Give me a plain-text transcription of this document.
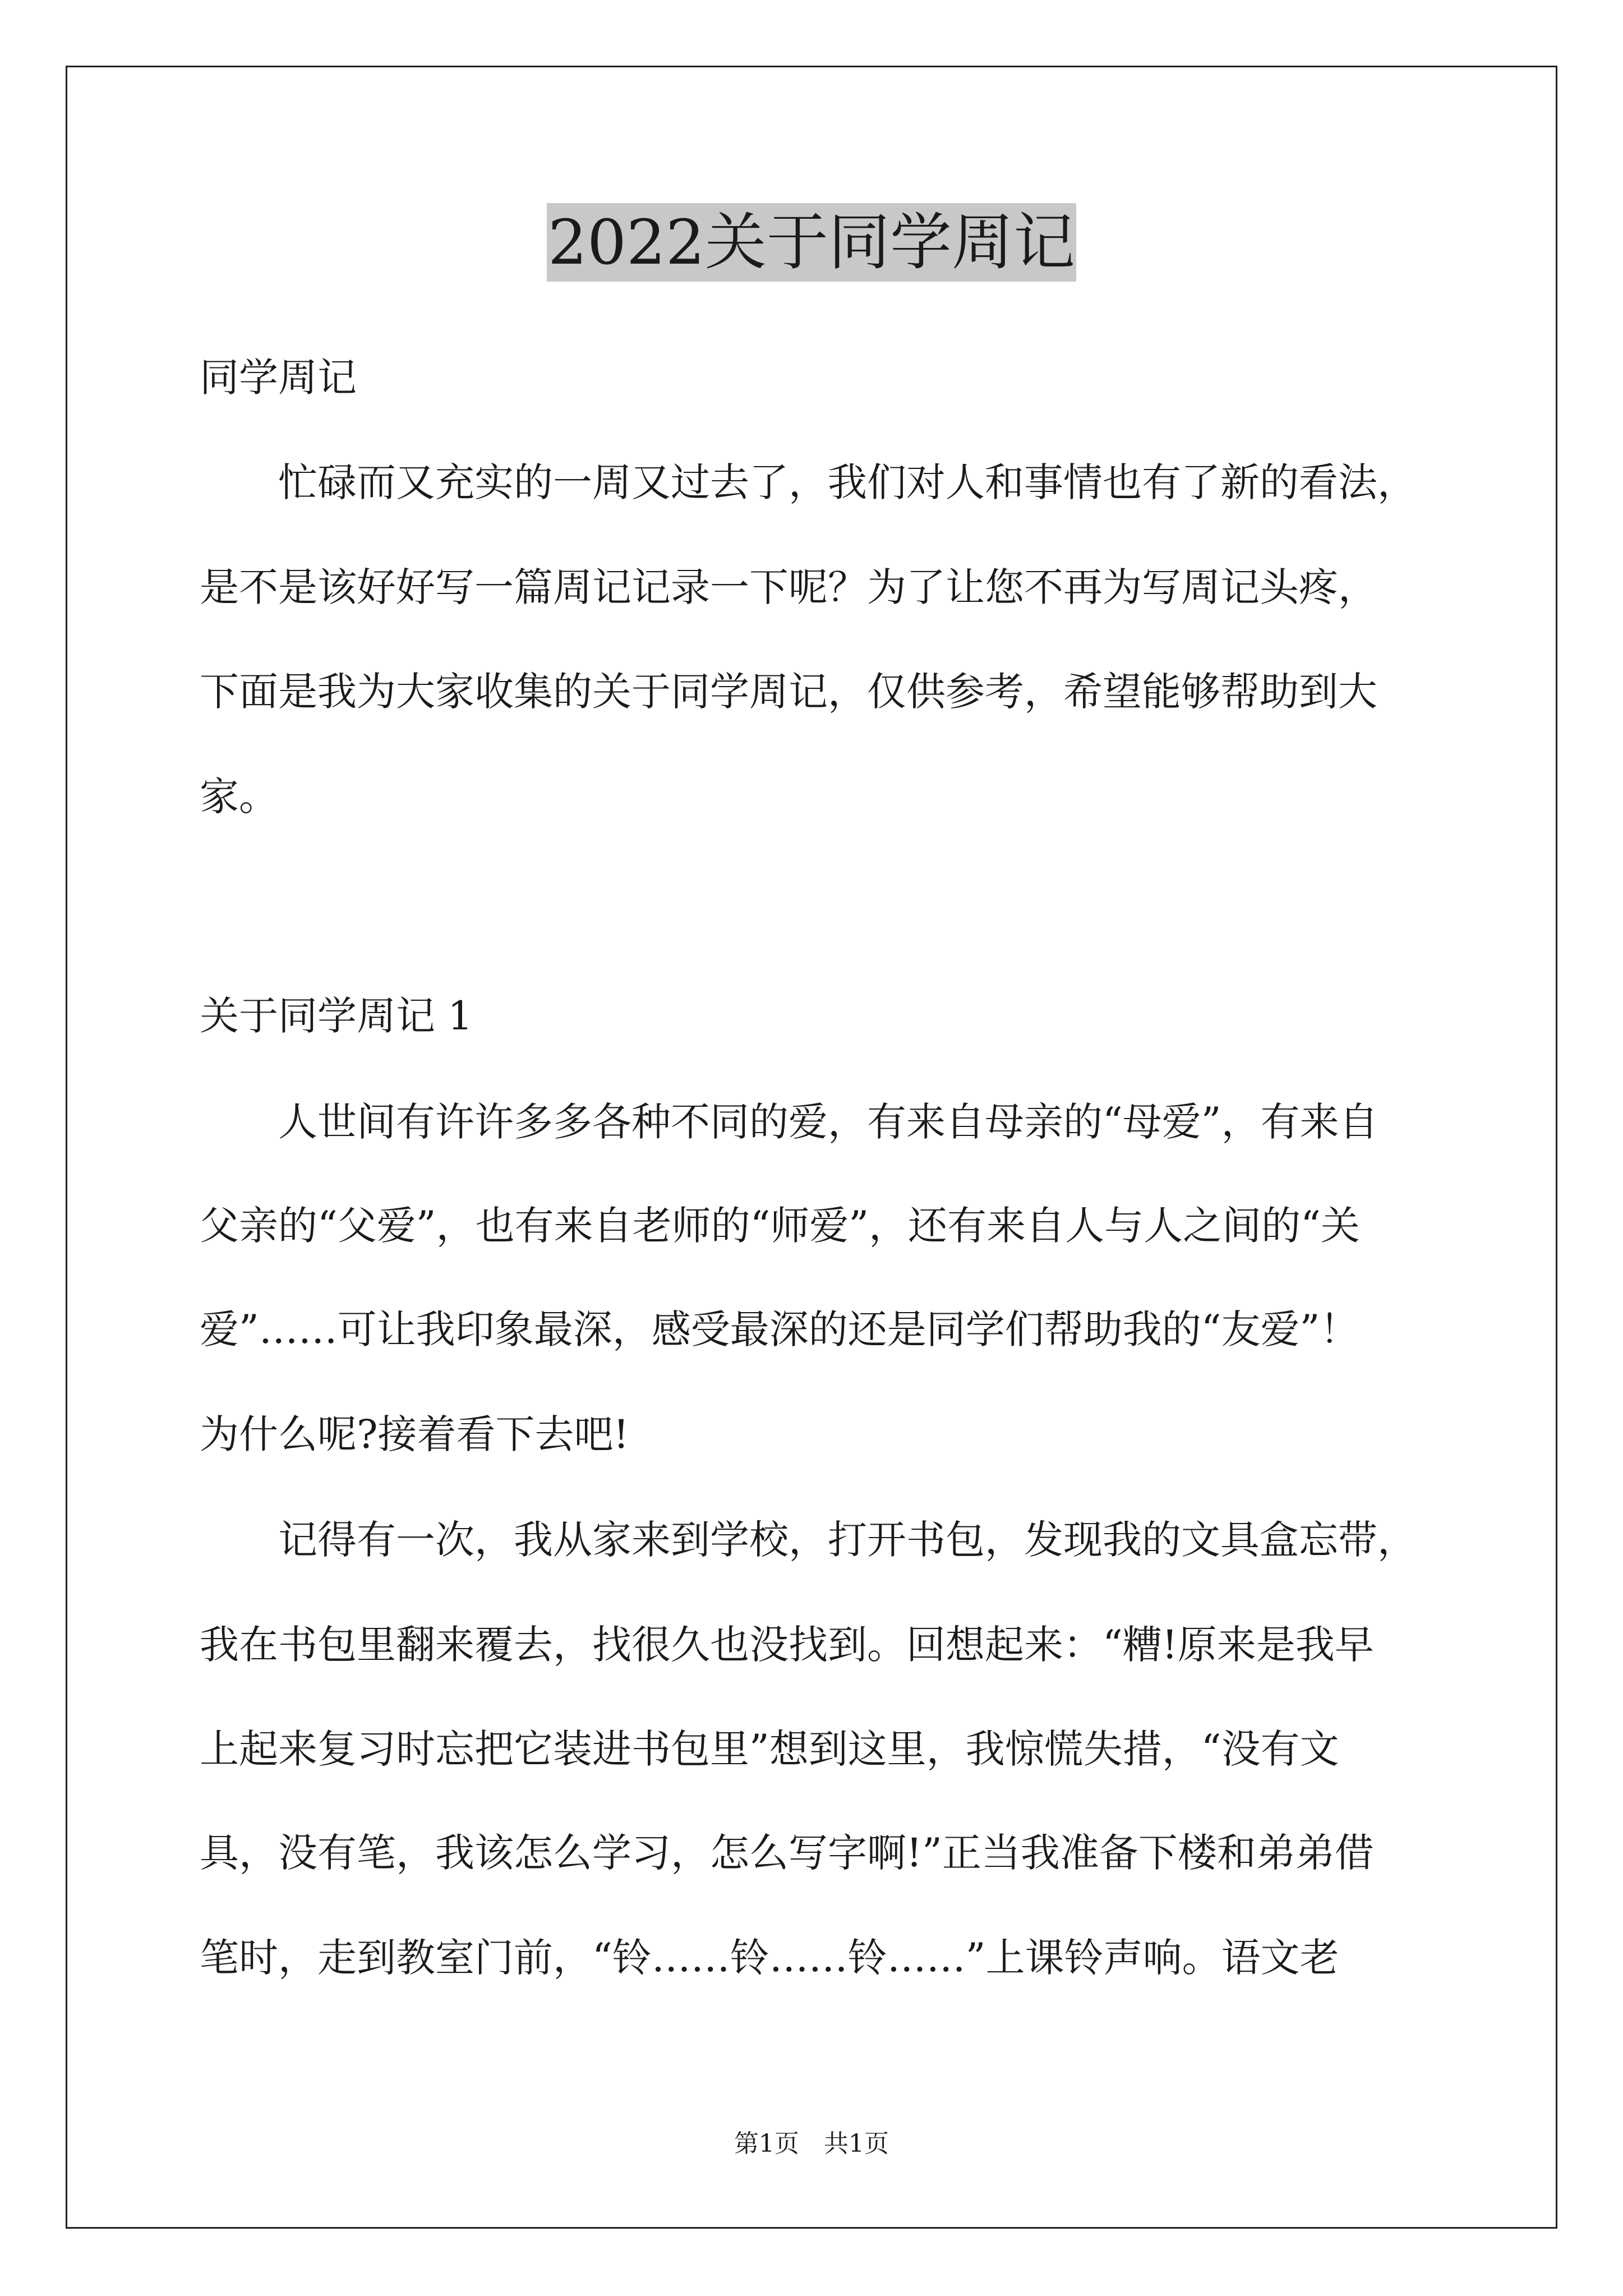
2022关于同学周记
同学周记
忙碌而又充实的一周又过去了，我们对人和事情也有了新的看法，
是不是该好好写一篇周记记录一下呢？为了让您不再为写周记头疼，
下面是我为大家收集的关于同学周记，仅供参考，希望能够帮助到大
家。
关于同学周记 1
人世间有许许多多各种不同的爱，有来自母亲的“母爱”，有来自
父亲的“父爱”，也有来自老师的“师爱”，还有来自人与人之间的“关
爱”……可让我印象最深，感受最深的还是同学们帮助我的“友爱”！
为什么呢?接着看下去吧!
记得有一次，我从家来到学校，打开书包，发现我的文具盒忘带，
我在书包里翻来覆去，找很久也没找到。回想起来：“糟!原来是我早
上起来复习时忘把它装进书包里”想到这里，我惊慌失措，“没有文
具，没有笔，我该怎么学习，怎么写字啊!”正当我准备下楼和弟弟借
笔时，走到教室门前，“铃……铃……铃……”上课铃声响。语文老
第1页　共1页
